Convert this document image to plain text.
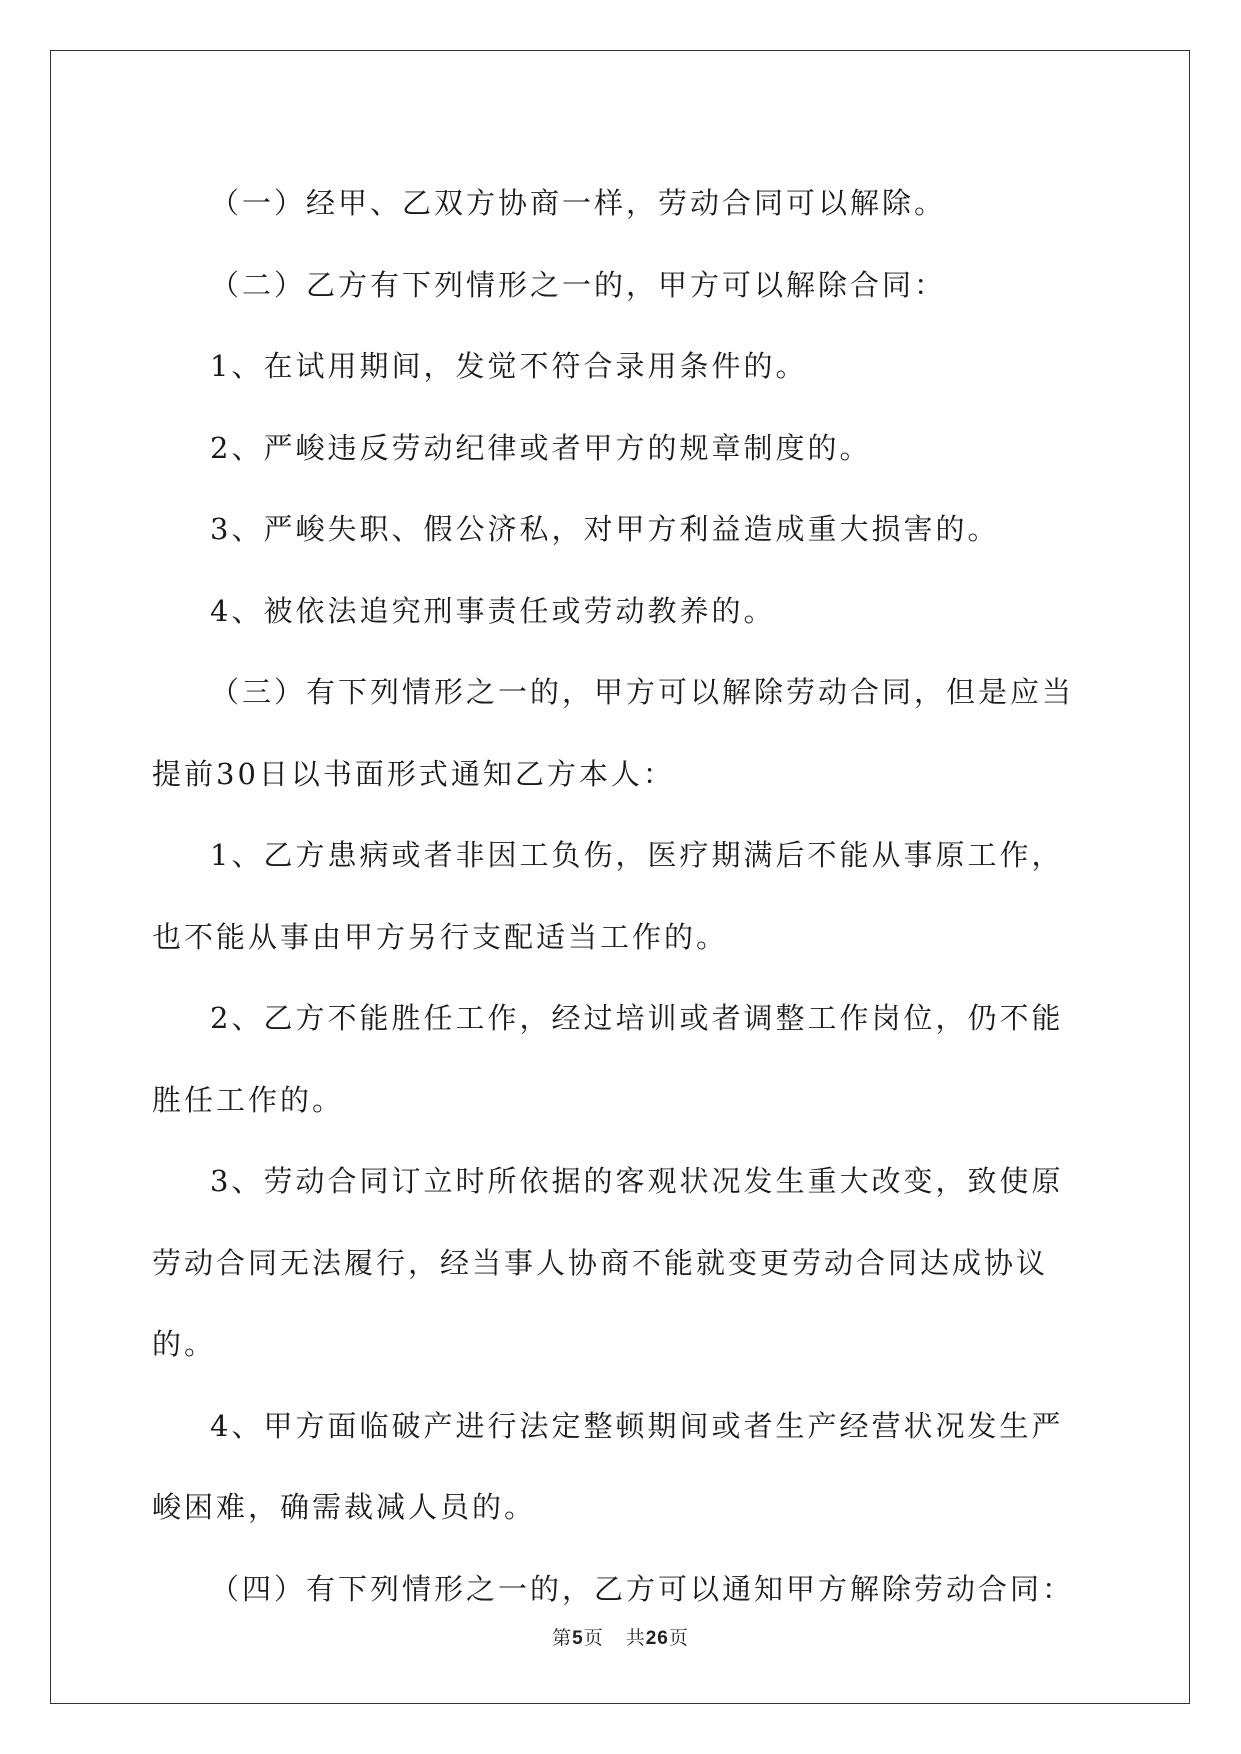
（一）经甲、乙双方协商一样，劳动合同可以解除。

（二）乙方有下列情形之一的，甲方可以解除合同：

1、在试用期间，发觉不符合录用条件的。

2、严峻违反劳动纪律或者甲方的规章制度的。

3、严峻失职、假公济私，对甲方利益造成重大损害的。

4、被依法追究刑事责任或劳动教养的。

（三）有下列情形之一的，甲方可以解除劳动合同，但是应当提前30日以书面形式通知乙方本人：

1、乙方患病或者非因工负伤，医疗期满后不能从事原工作，也不能从事由甲方另行支配适当工作的。

2、乙方不能胜任工作，经过培训或者调整工作岗位，仍不能胜任工作的。

3、劳动合同订立时所依据的客观状况发生重大改变，致使原劳动合同无法履行，经当事人协商不能就变更劳动合同达成协议的。

4、甲方面临破产进行法定整顿期间或者生产经营状况发生严峻困难，确需裁减人员的。

（四）有下列情形之一的，乙方可以通知甲方解除劳动合同：

第5页 共26页
